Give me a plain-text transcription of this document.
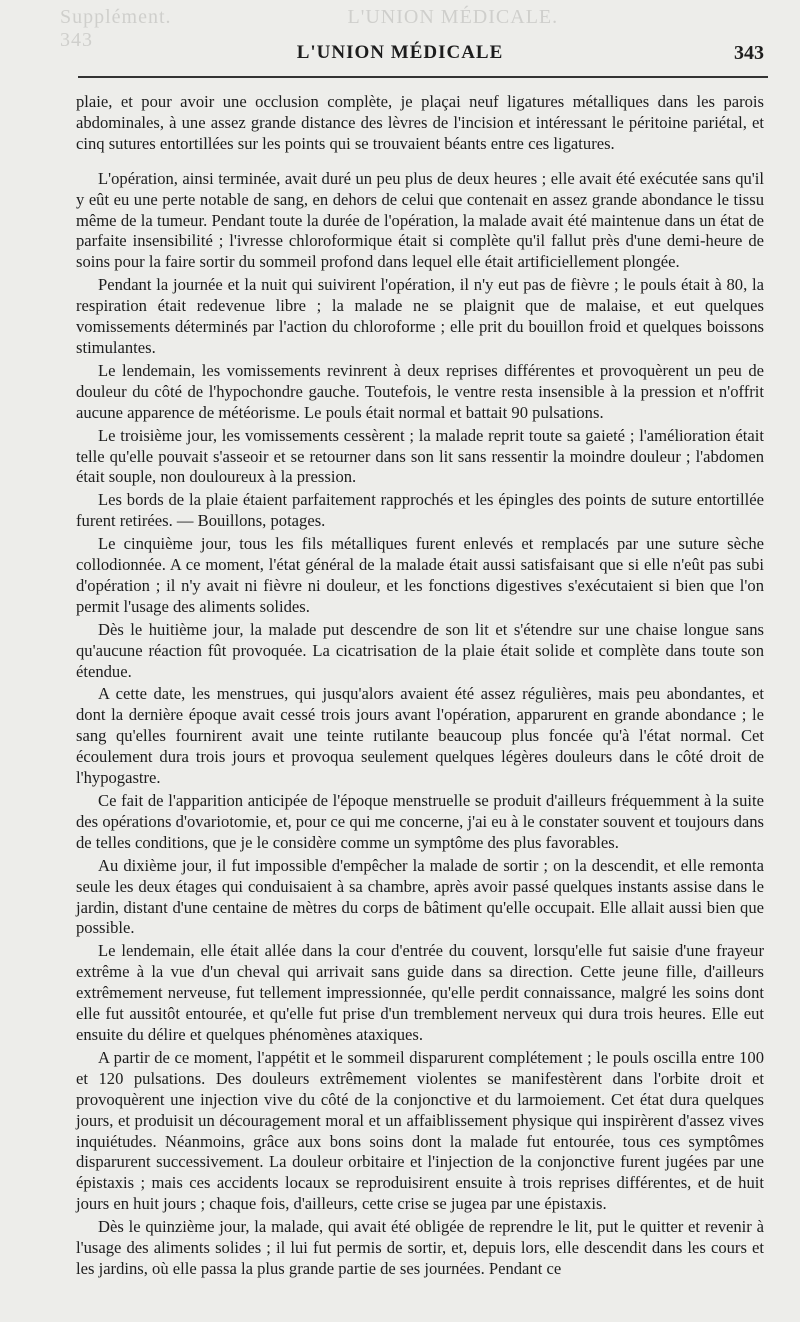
Supplément.	L'UNION MÉDICALE. 343
L'UNION MÉDICALE	343

plaie, et pour avoir une occlusion complète, je plaçai neuf ligatures métalliques dans les parois abdominales, à une assez grande distance des lèvres de l'incision et intéressant le péritoine pariétal, et cinq sutures entortillées sur les points qui se trouvaient béants entre ces ligatures.

L'opération, ainsi terminée, avait duré un peu plus de deux heures ; elle avait été exécutée sans qu'il y eût eu une perte notable de sang, en dehors de celui que contenait en assez grande abondance le tissu même de la tumeur. Pendant toute la durée de l'opération, la malade avait été maintenue dans un état de parfaite insensibilité ; l'ivresse chloroformique était si complète qu'il fallut près d'une demi-heure de soins pour la faire sortir du sommeil profond dans lequel elle était artificiellement plongée.

Pendant la journée et la nuit qui suivirent l'opération, il n'y eut pas de fièvre ; le pouls était à 80, la respiration était redevenue libre ; la malade ne se plaignit que de malaise, et eut quelques vomissements déterminés par l'action du chloroforme ; elle prit du bouillon froid et quelques boissons stimulantes.

Le lendemain, les vomissements revinrent à deux reprises différentes et provoquèrent un peu de douleur du côté de l'hypochondre gauche. Toutefois, le ventre resta insensible à la pression et n'offrit aucune apparence de météorisme. Le pouls était normal et battait 90 pulsations.

Le troisième jour, les vomissements cessèrent ; la malade reprit toute sa gaieté ; l'amélioration était telle qu'elle pouvait s'asseoir et se retourner dans son lit sans ressentir la moindre douleur ; l'abdomen était souple, non douloureux à la pression.

Les bords de la plaie étaient parfaitement rapprochés et les épingles des points de suture entortillée furent retirées. — Bouillons, potages.

Le cinquième jour, tous les fils métalliques furent enlevés et remplacés par une suture sèche collodionnée. A ce moment, l'état général de la malade était aussi satisfaisant que si elle n'eût pas subi d'opération ; il n'y avait ni fièvre ni douleur, et les fonctions digestives s'exécutaient si bien que l'on permit l'usage des aliments solides.

Dès le huitième jour, la malade put descendre de son lit et s'étendre sur une chaise longue sans qu'aucune réaction fût provoquée. La cicatrisation de la plaie était solide et complète dans toute son étendue.

A cette date, les menstrues, qui jusqu'alors avaient été assez régulières, mais peu abondantes, et dont la dernière époque avait cessé trois jours avant l'opération, apparurent en grande abondance ; le sang qu'elles fournirent avait une teinte rutilante beaucoup plus foncée qu'à l'état normal. Cet écoulement dura trois jours et provoqua seulement quelques légères douleurs dans le côté droit de l'hypogastre.

Ce fait de l'apparition anticipée de l'époque menstruelle se produit d'ailleurs fréquemment à la suite des opérations d'ovariotomie, et, pour ce qui me concerne, j'ai eu à le constater souvent et toujours dans de telles conditions, que je le considère comme un symptôme des plus favorables.

Au dixième jour, il fut impossible d'empêcher la malade de sortir ; on la descendit, et elle remonta seule les deux étages qui conduisaient à sa chambre, après avoir passé quelques instants assise dans le jardin, distant d'une centaine de mètres du corps de bâtiment qu'elle occupait. Elle allait aussi bien que possible.

Le lendemain, elle était allée dans la cour d'entrée du couvent, lorsqu'elle fut saisie d'une frayeur extrême à la vue d'un cheval qui arrivait sans guide dans sa direction. Cette jeune fille, d'ailleurs extrêmement nerveuse, fut tellement impressionnée, qu'elle perdit connaissance, malgré les soins dont elle fut aussitôt entourée, et qu'elle fut prise d'un tremblement nerveux qui dura trois heures. Elle eut ensuite du délire et quelques phénomènes ataxiques.

A partir de ce moment, l'appétit et le sommeil disparurent complétement ; le pouls oscilla entre 100 et 120 pulsations. Des douleurs extrêmement violentes se manifestèrent dans l'orbite droit et provoquèrent une injection vive du côté de la conjonctive et du larmoiement. Cet état dura quelques jours, et produisit un découragement moral et un affaiblissement physique qui inspirèrent d'assez vives inquiétudes. Néanmoins, grâce aux bons soins dont la malade fut entourée, tous ces symptômes disparurent successivement. La douleur orbitaire et l'injection de la conjonctive furent jugées par une épistaxis ; mais ces accidents locaux se reproduisirent ensuite à trois reprises différentes, et de huit jours en huit jours ; chaque fois, d'ailleurs, cette crise se jugea par une épistaxis.

Dès le quinzième jour, la malade, qui avait été obligée de reprendre le lit, put le quitter et revenir à l'usage des aliments solides ; il lui fut permis de sortir, et, depuis lors, elle descendit dans les cours et les jardins, où elle passa la plus grande partie de ses journées. Pendant ce
